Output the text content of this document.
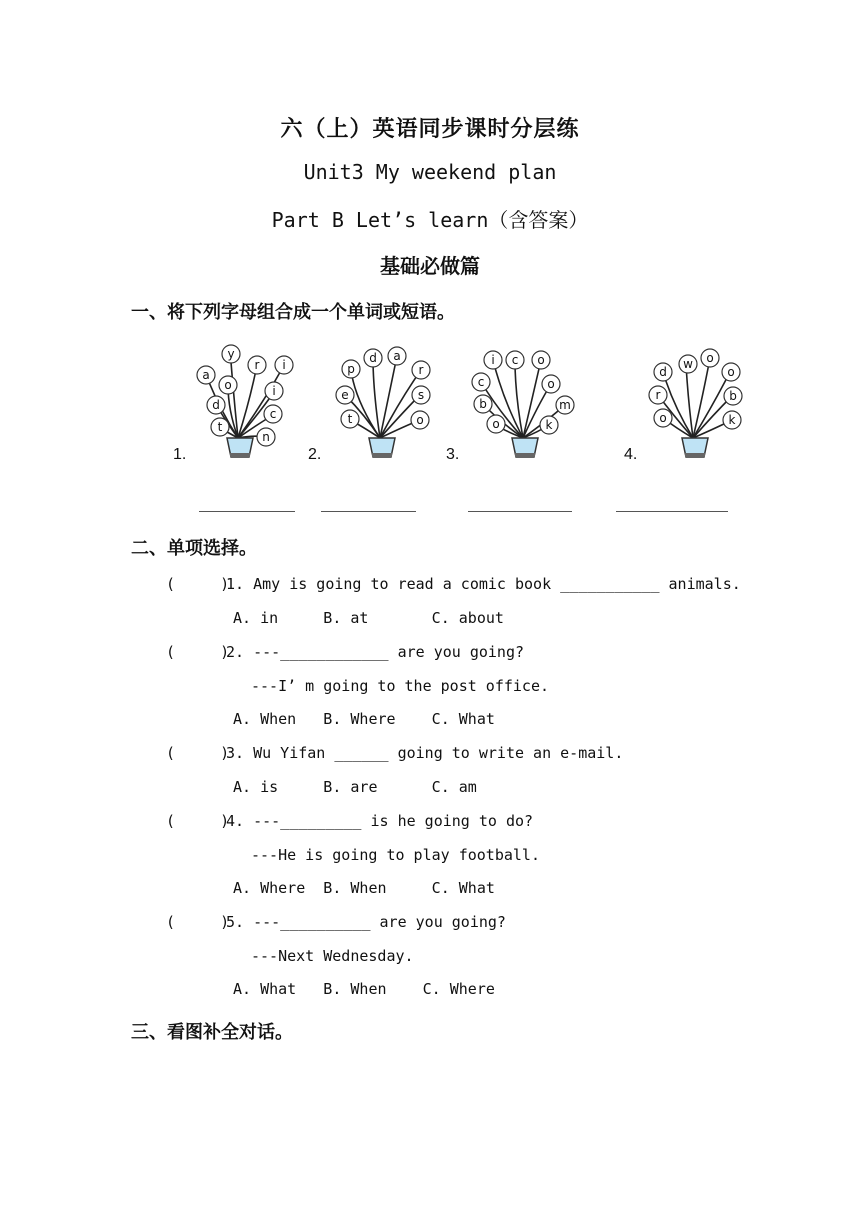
六（上）英语同步课时分层练
Unit3 My weekend plan
Part B Let’s learn（含答案）
基础必做篇
一、将下列字母组合成一个单词或短语。
1.
y
a
o
r i
d
i
c
t
n
2.
p
d a
e
r
t
s
o
3.
i c o
c	o
b	m
o	k
4.
w o
d	o
r	b
o	k
二、单项选择。
(     )
1. Amy is going to read a comic book ___________ animals.
A. in     B. at       C. about
(     )
2. ---____________ are you going?
---I’ m going to the post office.
A. When   B. Where    C. What
(     )
3. Wu Yifan ______ going to write an e-mail.
A. is     B. are      C. am
(     )
4. ---_________ is he going to do?
---He is going to play football.
A. Where  B. When     C. What
(     )
5. ---__________ are you going?
---Next Wednesday.
A. What   B. When    C. Where
三、看图补全对话。
